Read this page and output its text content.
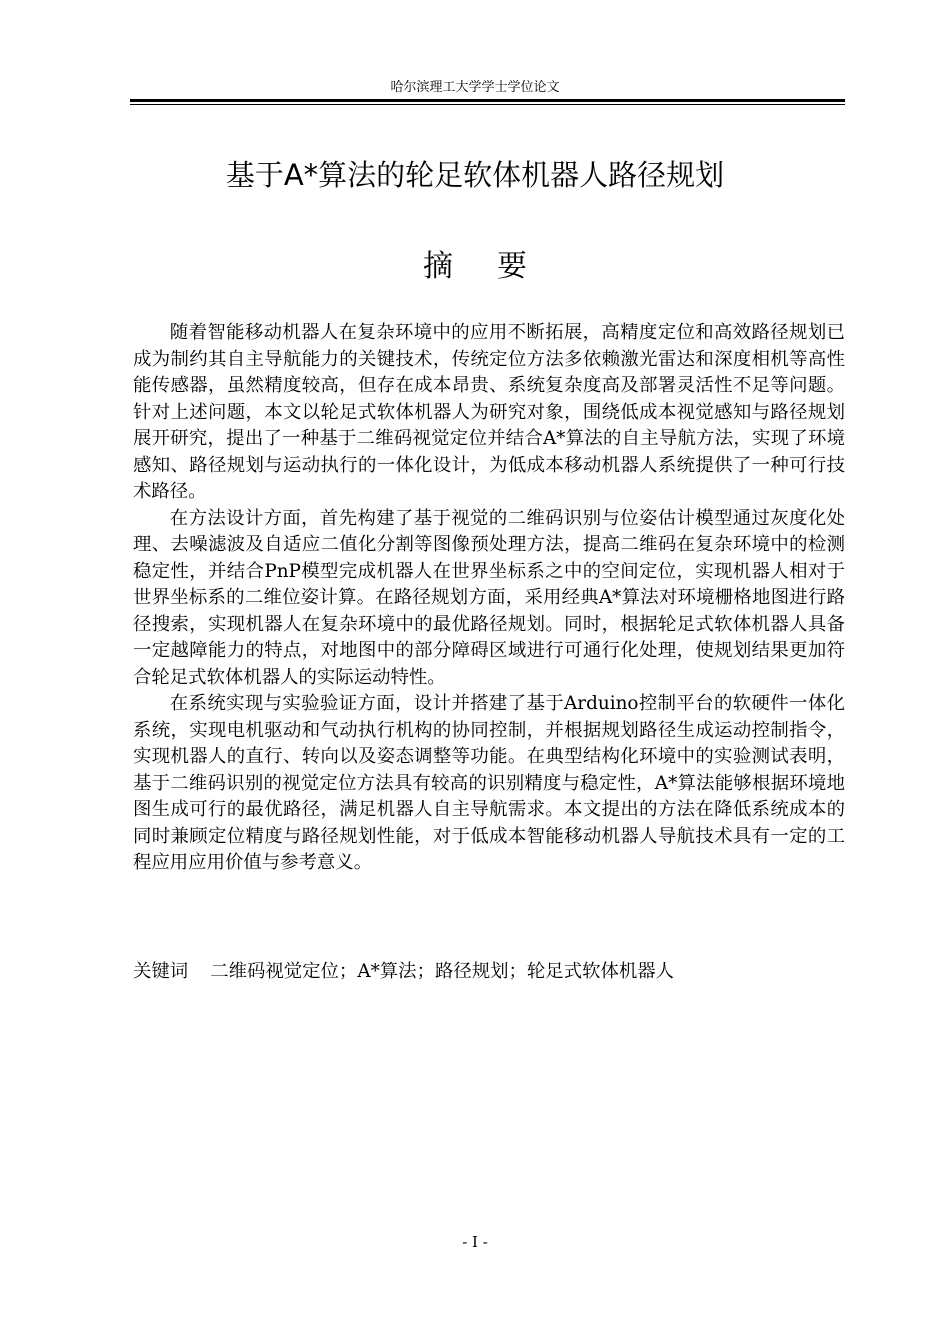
哈尔滨理工大学学士学位论文
基于A*算法的轮足软体机器人路径规划
摘 要

随着智能移动机器人在复杂环境中的应用不断拓展，高精度定位和高效路径规划已成为制约其自主导航能力的关键技术，传统定位方法多依赖激光雷达和深度相机等高性能传感器，虽然精度较高，但存在成本昂贵、系统复杂度高及部署灵活性不足等问题。针对上述问题，本文以轮足式软体机器人为研究对象，围绕低成本视觉感知与路径规划展开研究，提出了一种基于二维码视觉定位并结合A*算法的自主导航方法，实现了环境感知、路径规划与运动执行的一体化设计，为低成本移动机器人系统提供了一种可行技术路径。

在方法设计方面，首先构建了基于视觉的二维码识别与位姿估计模型通过灰度化处理、去噪滤波及自适应二值化分割等图像预处理方法，提高二维码在复杂环境中的检测稳定性，并结合PnP模型完成机器人在世界坐标系之中的空间定位，实现机器人相对于世界坐标系的二维位姿计算。在路径规划方面，采用经典A*算法对环境栅格地图进行路径搜索，实现机器人在复杂环境中的最优路径规划。同时，根据轮足式软体机器人具备一定越障能力的特点，对地图中的部分障碍区域进行可通行化处理，使规划结果更加符合轮足式软体机器人的实际运动特性。

在系统实现与实验验证方面，设计并搭建了基于Arduino控制平台的软硬件一体化系统，实现电机驱动和气动执行机构的协同控制，并根据规划路径生成运动控制指令，实现机器人的直行、转向以及姿态调整等功能。在典型结构化环境中的实验测试表明，基于二维码识别的视觉定位方法具有较高的识别精度与稳定性，A*算法能够根据环境地图生成可行的最优路径，满足机器人自主导航需求。本文提出的方法在降低系统成本的同时兼顾定位精度与路径规划性能，对于低成本智能移动机器人导航技术具有一定的工程应用应用价值与参考意义。

关键词 二维码视觉定位；A*算法；路径规划；轮足式软体机器人
- I -
